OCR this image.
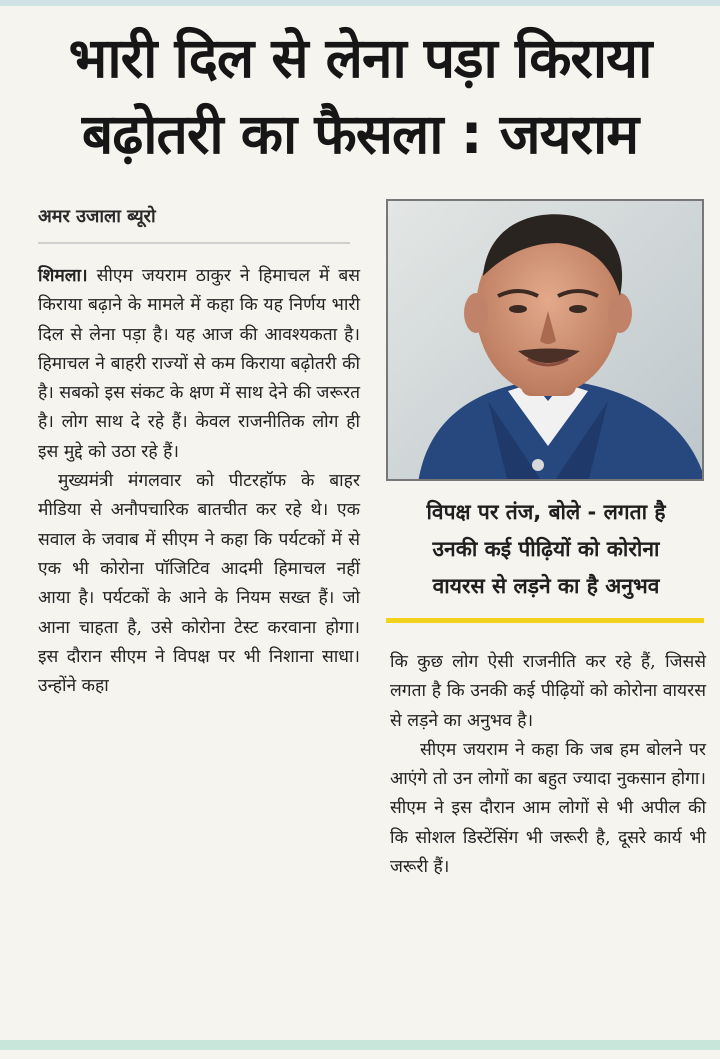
भारी दिल से लेना पड़ा किराया
बढ़ोतरी का फैसला : जयराम
अमर उजाला ब्यूरो

शिमला। सीएम जयराम ठाकुर ने हिमाचल में बस किराया बढ़ाने के मामले में कहा कि यह निर्णय भारी दिल से लेना पड़ा है। यह आज की आवश्यकता है। हिमाचल ने बाहरी राज्यों से कम किराया बढ़ोतरी की है। सबको इस संकट के क्षण में साथ देने की जरूरत है। लोग साथ दे रहे हैं। केवल राजनीतिक लोग ही इस मुद्दे को उठा रहे हैं।

मुख्यमंत्री मंगलवार को पीटरहॉफ के बाहर मीडिया से अनौपचारिक बातचीत कर रहे थे। एक सवाल के जवाब में सीएम ने कहा कि पर्यटकों में से एक भी कोरोना पॉजिटिव आदमी हिमाचल नहीं आया है। पर्यटकों के आने के नियम सख्त हैं। जो आना चाहता है, उसे कोरोना टेस्ट करवाना होगा। इस दौरान सीएम ने विपक्ष पर भी निशाना साधा। उन्होंने कहा

विपक्ष पर तंज, बोले - लगता है
उनकी कई पीढ़ियों को कोरोना
वायरस से लड़ने का है अनुभव

कि कुछ लोग ऐसी राजनीति कर रहे हैं, जिससे लगता है कि उनकी कई पीढ़ियों को कोरोना वायरस से लड़ने का अनुभव है।

सीएम जयराम ने कहा कि जब हम बोलने पर आएंगे तो उन लोगों का बहुत ज्यादा नुकसान होगा। सीएम ने इस दौरान आम लोगों से भी अपील की कि सोशल डिस्टेंसिंग भी जरूरी है, दूसरे कार्य भी जरूरी हैं।
